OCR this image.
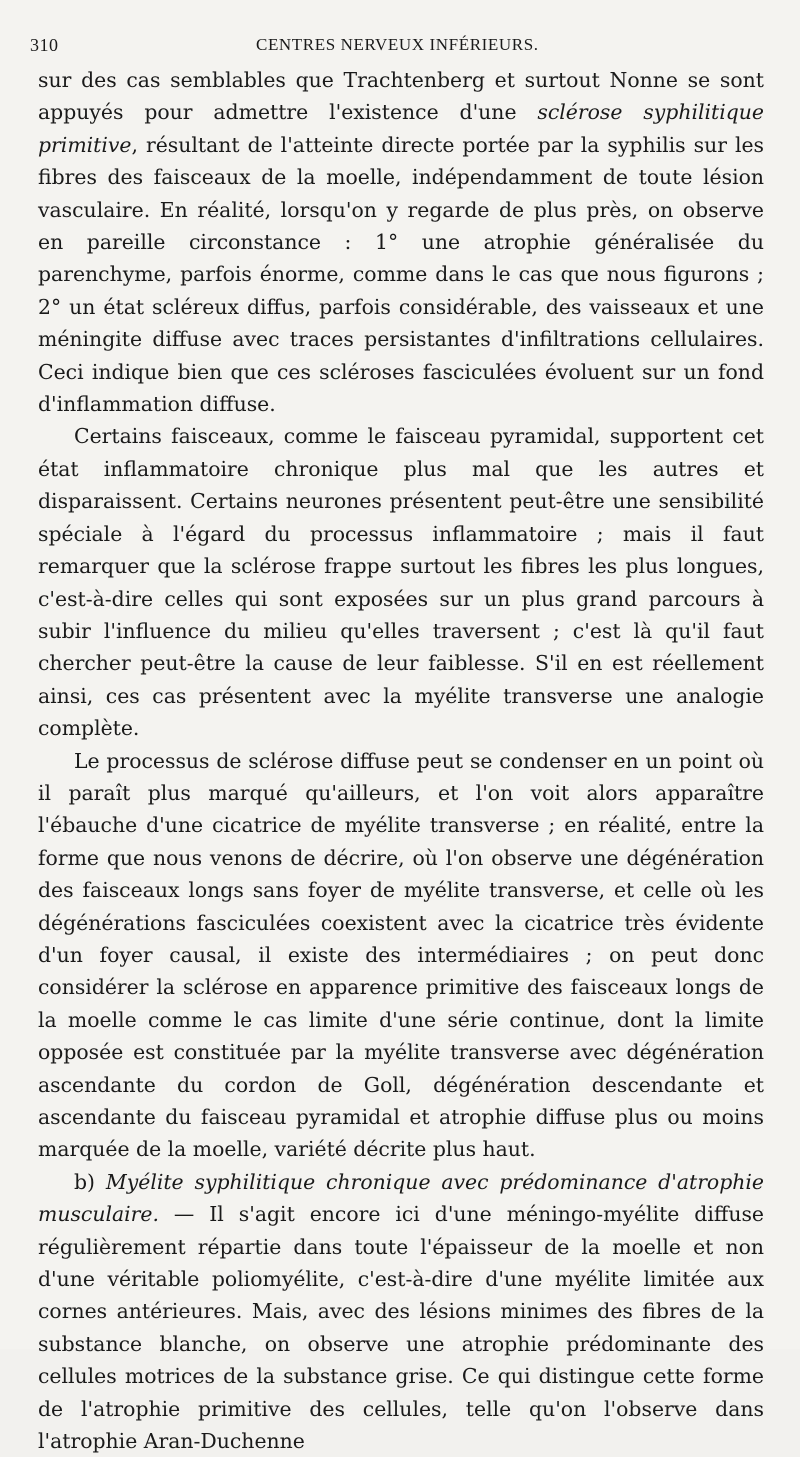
310	CENTRES NERVEUX INFÉRIEURS.

sur des cas semblables que Trachtenberg et surtout Nonne se sont appuyés pour admettre l'existence d'une sclérose syphilitique primitive, résultant de l'atteinte directe portée par la syphilis sur les fibres des faisceaux de la moelle, indépendamment de toute lésion vasculaire. En réalité, lorsqu'on y regarde de plus près, on observe en pareille circonstance : 1° une atrophie généralisée du parenchyme, parfois énorme, comme dans le cas que nous figurons ; 2° un état scléreux diffus, parfois considérable, des vaisseaux et une méningite diffuse avec traces persistantes d'infiltrations cellulaires. Ceci indique bien que ces scléroses fasciculées évoluent sur un fond d'inflammation diffuse.

Certains faisceaux, comme le faisceau pyramidal, supportent cet état inflammatoire chronique plus mal que les autres et disparaissent. Certains neurones présentent peut-être une sensibilité spéciale à l'égard du processus inflammatoire ; mais il faut remarquer que la sclérose frappe surtout les fibres les plus longues, c'est-à-dire celles qui sont exposées sur un plus grand parcours à subir l'influence du milieu qu'elles traversent ; c'est là qu'il faut chercher peut-être la cause de leur faiblesse. S'il en est réellement ainsi, ces cas présentent avec la myélite transverse une analogie complète.

Le processus de sclérose diffuse peut se condenser en un point où il paraît plus marqué qu'ailleurs, et l'on voit alors apparaître l'ébauche d'une cicatrice de myélite transverse ; en réalité, entre la forme que nous venons de décrire, où l'on observe une dégénération des faisceaux longs sans foyer de myélite transverse, et celle où les dégénérations fasciculées coexistent avec la cicatrice très évidente d'un foyer causal, il existe des intermédiaires ; on peut donc considérer la sclérose en apparence primitive des faisceaux longs de la moelle comme le cas limite d'une série continue, dont la limite opposée est constituée par la myélite transverse avec dégénération ascendante du cordon de Goll, dégénération descendante et ascendante du faisceau pyramidal et atrophie diffuse plus ou moins marquée de la moelle, variété décrite plus haut.

b) Myélite syphilitique chronique avec prédominance d'atrophie musculaire. — Il s'agit encore ici d'une méningo-myélite diffuse régulièrement répartie dans toute l'épaisseur de la moelle et non d'une véritable poliomyélite, c'est-à-dire d'une myélite limitée aux cornes antérieures. Mais, avec des lésions minimes des fibres de la substance blanche, on observe une atrophie prédominante des cellules motrices de la substance grise. Ce qui distingue cette forme de l'atrophie primitive des cellules, telle qu'on l'observe dans l'atrophie Aran-Duchenne
